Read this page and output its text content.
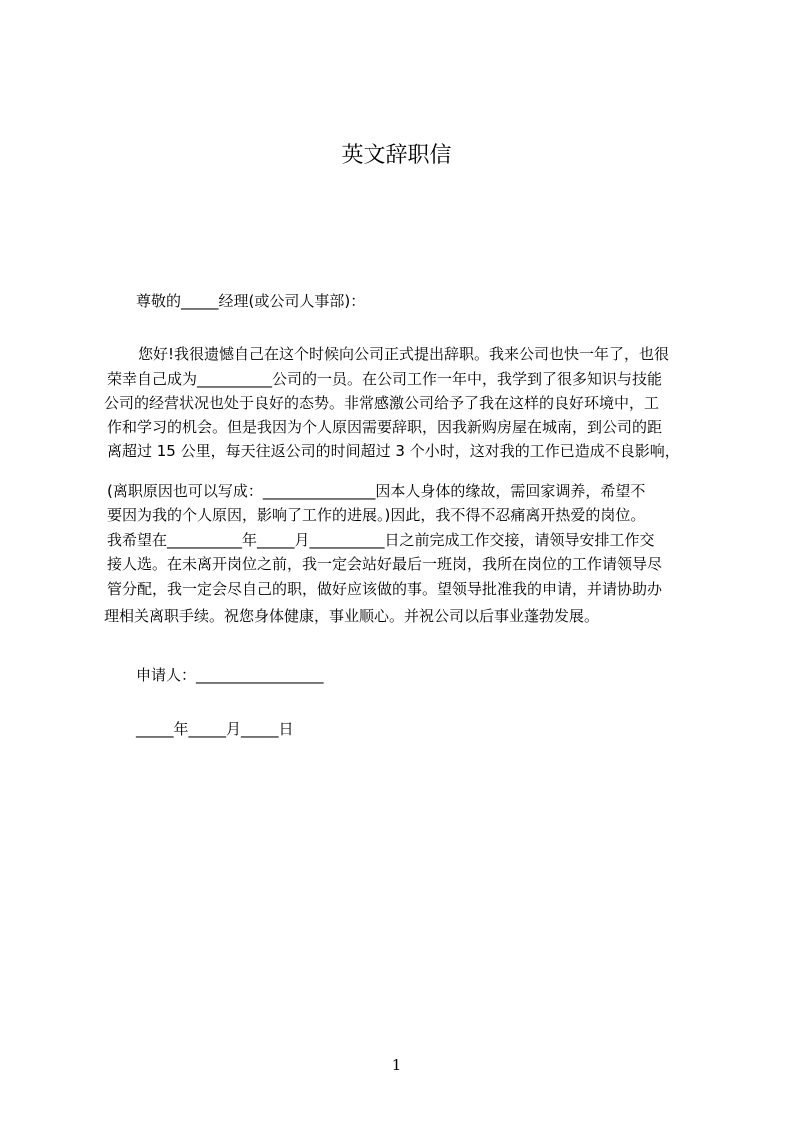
英文辞职信
尊敬的_____经理(或公司人事部)：
您好!我很遗憾自己在这个时候向公司正式提出辞职。我来公司也快一年了，也很
荣幸自己成为__________公司的一员。在公司工作一年中，我学到了很多知识与技能
公司的经营状况也处于良好的态势。非常感激公司给予了我在这样的良好环境中，工
作和学习的机会。但是我因为个人原因需要辞职，因我新购房屋在城南，到公司的距
离超过 15 公里，每天往返公司的时间超过 3 个小时，这对我的工作已造成不良影响，
(离职原因也可以写成：_______________因本人身体的缘故，需回家调养，希望不
要因为我的个人原因，影响了工作的进展。)因此，我不得不忍痛离开热爱的岗位。
我希望在__________年_____月__________日之前完成工作交接，请领导安排工作交
接人选。在未离开岗位之前，我一定会站好最后一班岗，我所在岗位的工作请领导尽
管分配，我一定会尽自己的职，做好应该做的事。望领导批准我的申请，并请协助办
理相关离职手续。祝您身体健康，事业顺心。并祝公司以后事业蓬勃发展。
申请人：_________________
_____年_____月_____日
1
